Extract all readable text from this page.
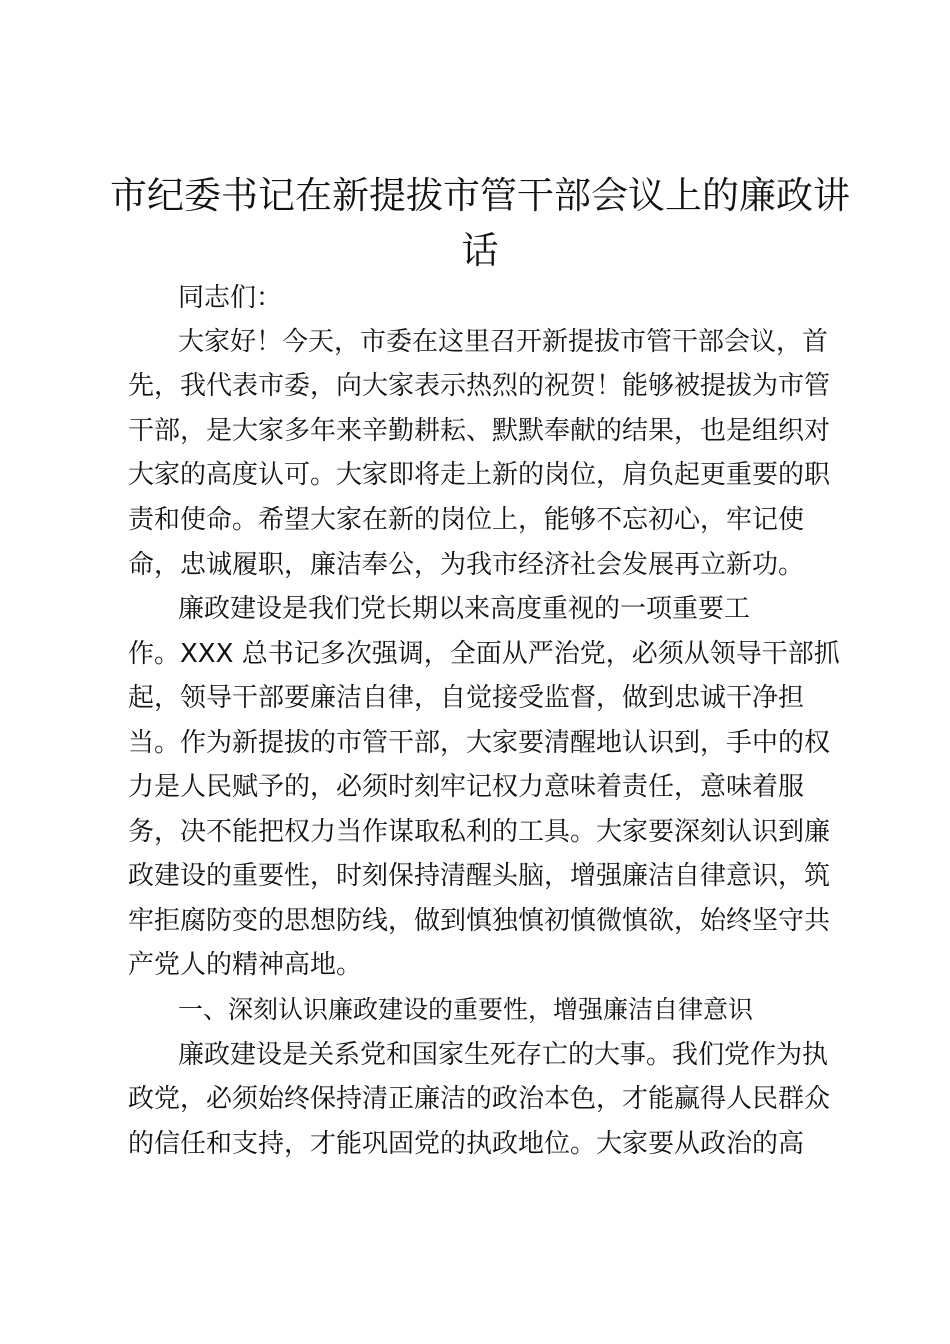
市纪委书记在新提拔市管干部会议上的廉政讲
话

同志们：

大家好！今天，市委在这里召开新提拔市管干部会议，首

先，我代表市委，向大家表示热烈的祝贺！能够被提拔为市管

干部，是大家多年来辛勤耕耘、默默奉献的结果，也是组织对

大家的高度认可。大家即将走上新的岗位，肩负起更重要的职

责和使命。希望大家在新的岗位上，能够不忘初心，牢记使

命，忠诚履职，廉洁奉公，为我市经济社会发展再立新功。

廉政建设是我们党长期以来高度重视的一项重要工

作。XXX 总书记多次强调，全面从严治党，必须从领导干部抓

起，领导干部要廉洁自律，自觉接受监督，做到忠诚干净担

当。作为新提拔的市管干部，大家要清醒地认识到，手中的权

力是人民赋予的，必须时刻牢记权力意味着责任，意味着服

务，决不能把权力当作谋取私利的工具。大家要深刻认识到廉

政建设的重要性，时刻保持清醒头脑，增强廉洁自律意识，筑

牢拒腐防变的思想防线，做到慎独慎初慎微慎欲，始终坚守共

产党人的精神高地。

一、深刻认识廉政建设的重要性，增强廉洁自律意识

廉政建设是关系党和国家生死存亡的大事。我们党作为执

政党，必须始终保持清正廉洁的政治本色，才能赢得人民群众

的信任和支持，才能巩固党的执政地位。大家要从政治的高
